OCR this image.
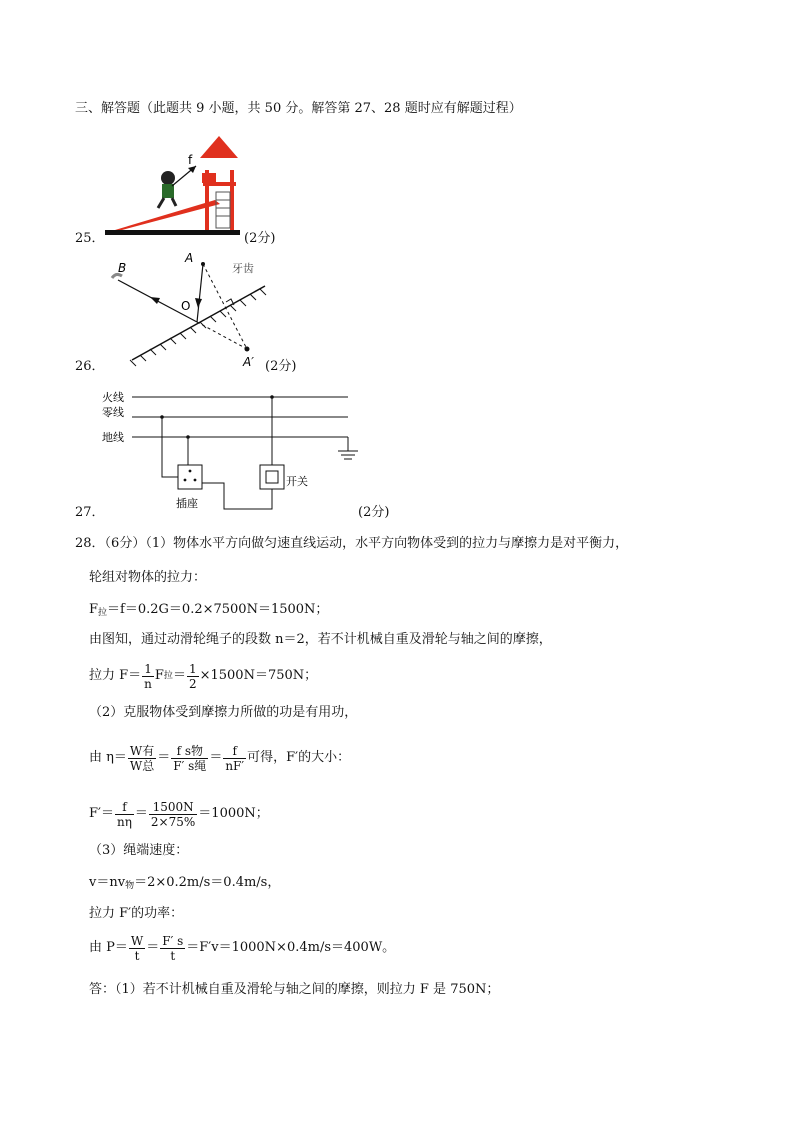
三、解答题（此题共 9 小题，共 50 分。解答第 27、28 题时应有解题过程）
f
25．	(2分)
B
A
O
A′
牙齿
26．	(2分)
火线
零线
地线
插座
开关
27．	(2分)
28．（6分）（1）物体水平方向做匀速直线运动，水平方向物体受到的拉力与摩擦力是对平衡力，
轮组对物体的拉力：
$F_拉=f=0.2G=0.2\times 7500N=1500N$；
由图知，通过动滑轮绳子的段数 n＝2，若不计机械自重及滑轮与轴之间的摩擦，
拉力 $F= \frac{1}{n}$ F 拉 ＝ $\frac{1}{2} \times 1500N=750N$；
（2）克服物体受到摩擦力所做的功是有用功，
由 $\eta= \frac{\text{W有}}{\text{W总}} = \frac{\text{f s物}}{\text{F′ s绳}} = \frac{f}{nF'}$ 可得，F′的大小：
$F'= \frac{f}{n\eta} = \frac{1500N}{2\times 75\%} =1000N$；
（3）绳端速度：
$v=nv_物=2\times 0.2m/s=0.4m/s$，
拉力 F′的功率：
由 $P= \frac{W}{t} = \frac{F' s}{t} =F'v=1000N\times 0.4m/s=400W$。
答：（1）若不计机械自重及滑轮与轴之间的摩擦，则拉力 F 是 750N；
